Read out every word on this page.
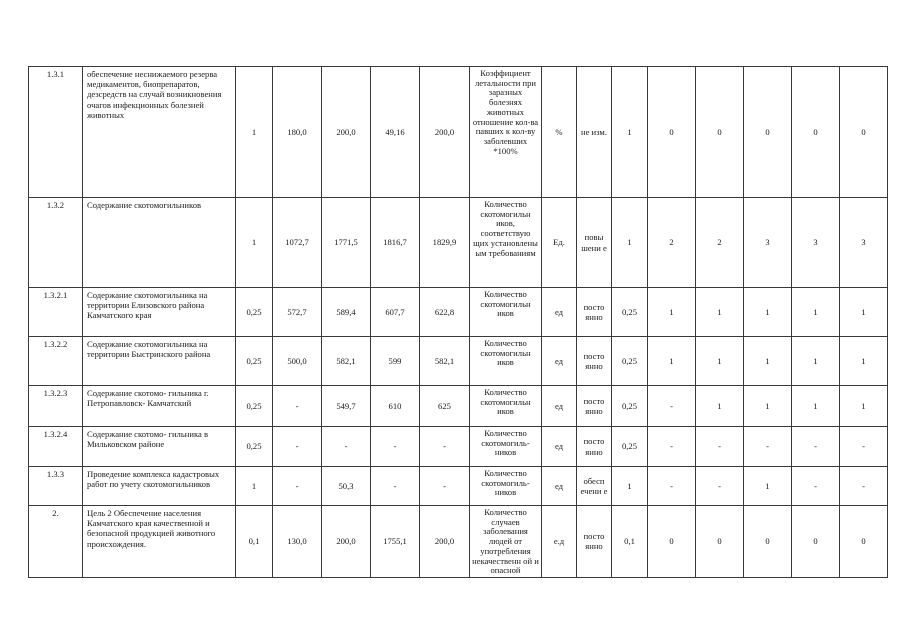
1.3.1	обеспечение неснижаемого резерва медикаментов, биопрепаратов, дезсредств на случай возникновения очагов инфекционных болезней животных	1	180,0	200,0	49,16	200,0	Коэффициент летальности при заразных болезнях животных отношение кол-ва павших к кол-ву заболевших *100%	%	не изм.	1	0	0	0	0	0
1.3.2	Содержание скотомогильников	1	1072,7	1771,5	1816,7	1829,9	Количество скотомогильн иков, соответствую щих установлены ым требованиям	Ед.	повы шени е	1	2	2	3	3	3
1.3.2.1	Содержание скотомогильника на территории Елизовского района Камчатского края	0,25	572,7	589,4	607,7	622,8	Количество скотомогильн иков	ед	посто янно	0,25	1	1	1	1	1
1.3.2.2	Содержание скотомогильника на территории Быстринского района	0,25	500,0	582,1	599	582,1	Количество скотомогильн иков	ед	посто янно	0,25	1	1	1	1	1
1.3.2.3	Содержание скотомо- гильника г. Петропавловск- Камчатский	0,25	-	549,7	610	625	Количество скотомогильн иков	ед	посто янно	0,25	-	1	1	1	1
1.3.2.4	Содержание скотомо- гильника в Мильковском районе	0,25	-	-	-	-	Количество скотомогиль- ников	ед	посто янно	0,25	-	-	-	-	-
1.3.3	Проведение комплекса кадастровых работ по учету скотомогильников	1	-	50,3	-	-	Количество скотомогиль- ников	ед	обесп ечени е	1	-	-	1	-	-
2.	Цель 2 Обеспечение населения Камчатского края качественной и безопасной продукцией животного происхождения.	0,1	130,0	200,0	1755,1	200,0	Количество случаев заболевания людей от употребления некачественн ой и опасной	е.д	посто янно	0,1	0	0	0	0	0
